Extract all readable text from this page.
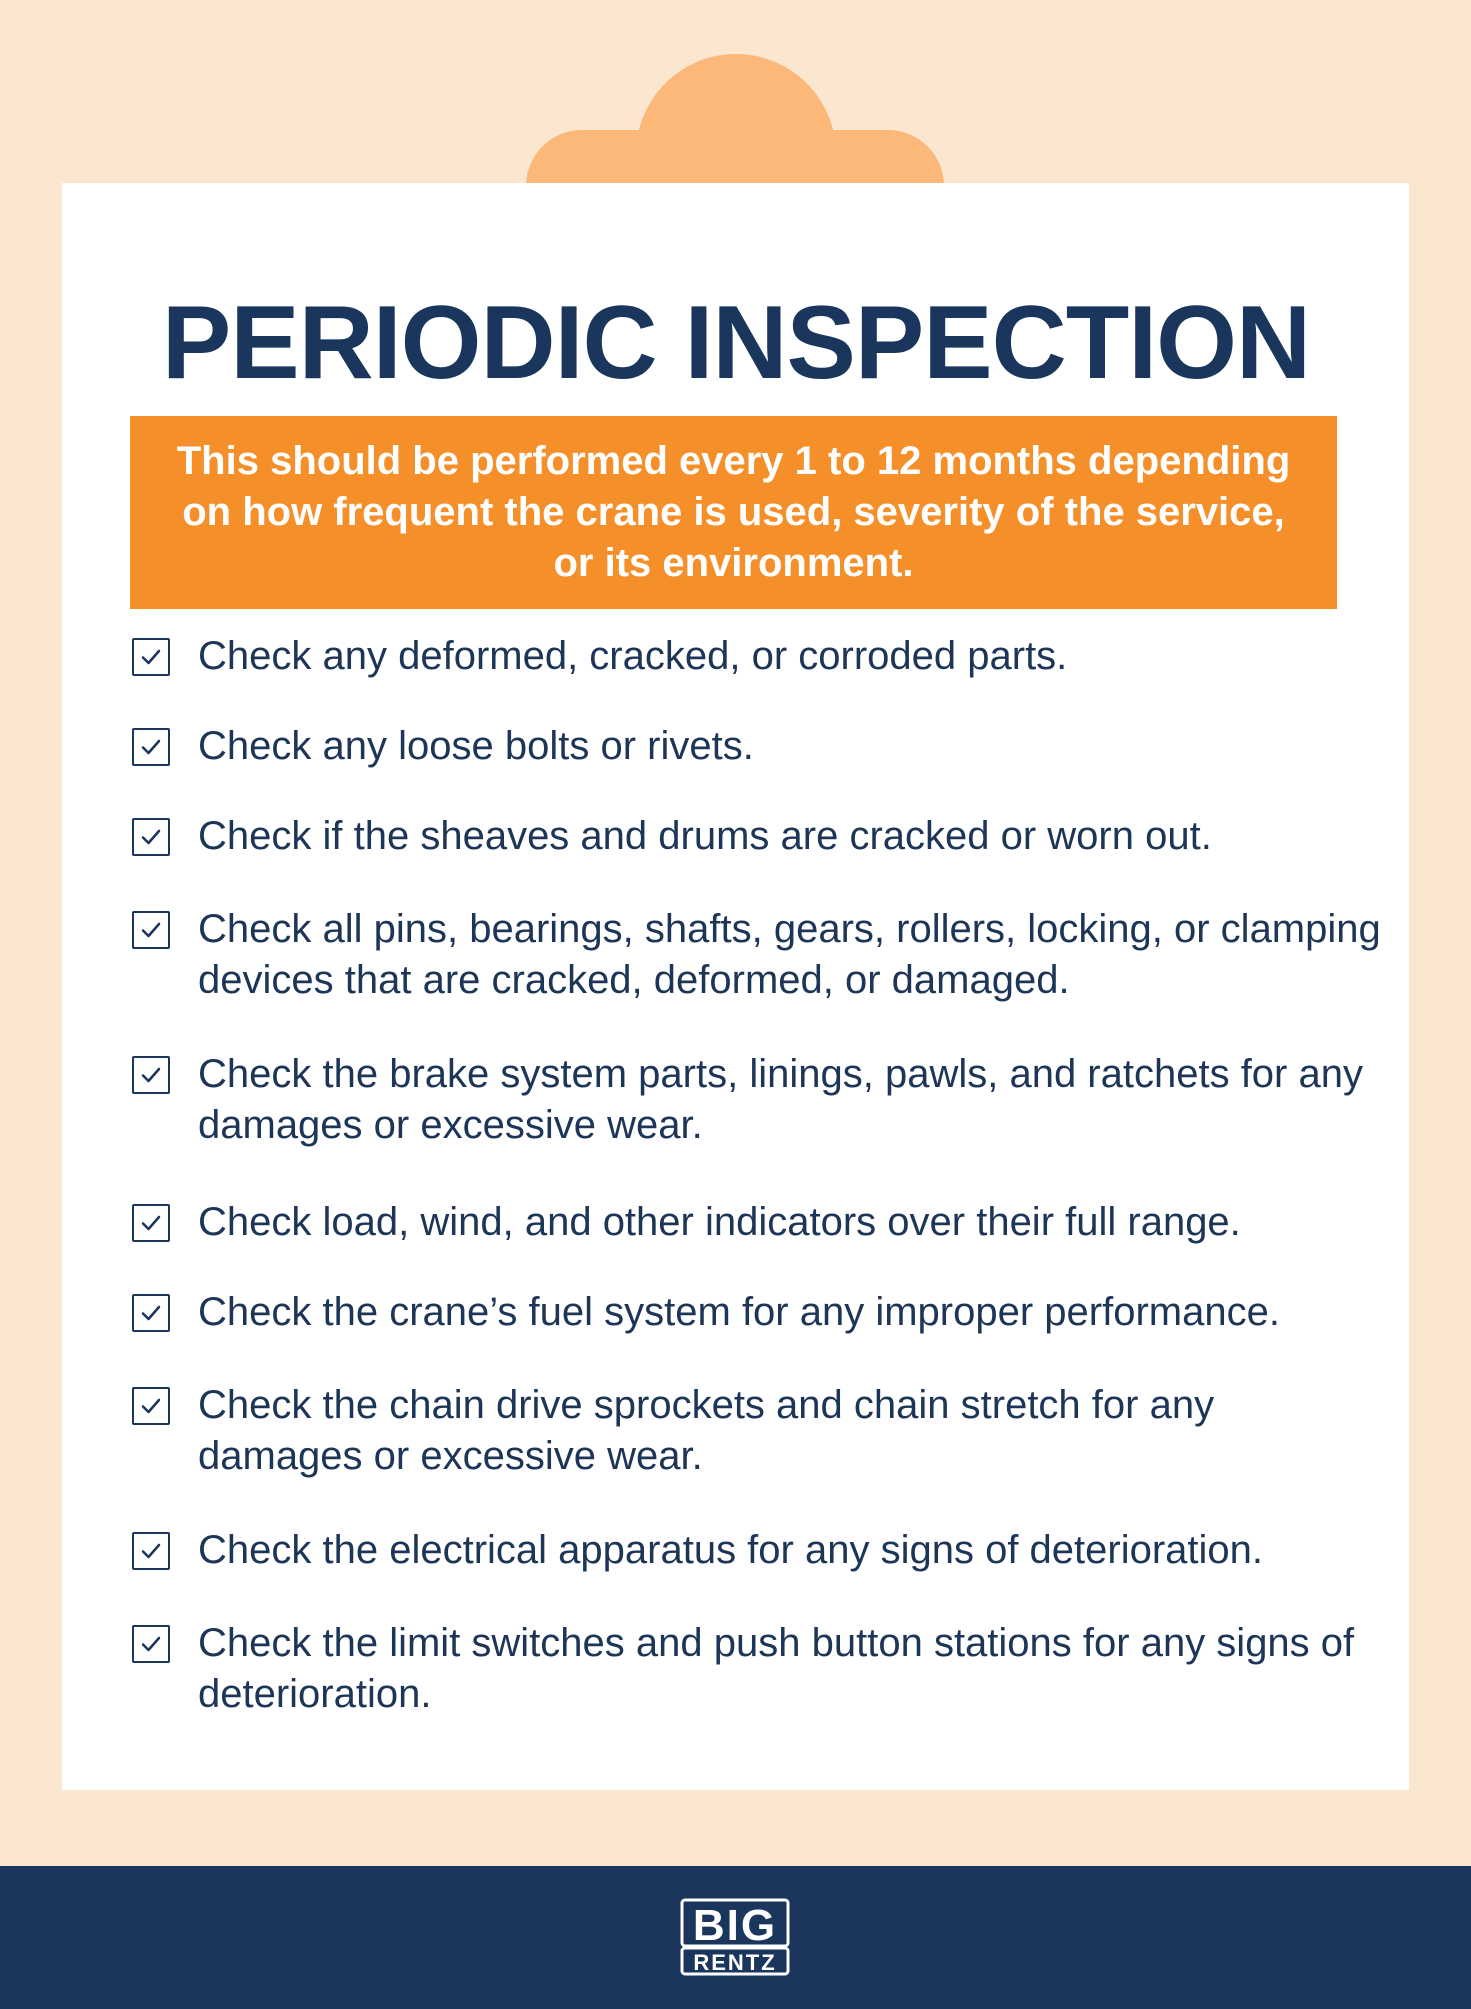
PERIODIC INSPECTION

This should be performed every 1 to 12 months depending on how frequent the crane is used, severity of the service, or its environment.

Check any deformed, cracked, or corroded parts.
Check any loose bolts or rivets.
Check if the sheaves and drums are cracked or worn out.
Check all pins, bearings, shafts, gears, rollers, locking, or clamping devices that are cracked, deformed, or damaged.
Check the brake system parts, linings, pawls, and ratchets for any damages or excessive wear.
Check load, wind, and other indicators over their full range.
Check the crane’s fuel system for any improper performance.
Check the chain drive sprockets and chain stretch for any damages or excessive wear.
Check the electrical apparatus for any signs of deterioration.
Check the limit switches and push button stations for any signs of deterioration.
BIG
RENTZ
